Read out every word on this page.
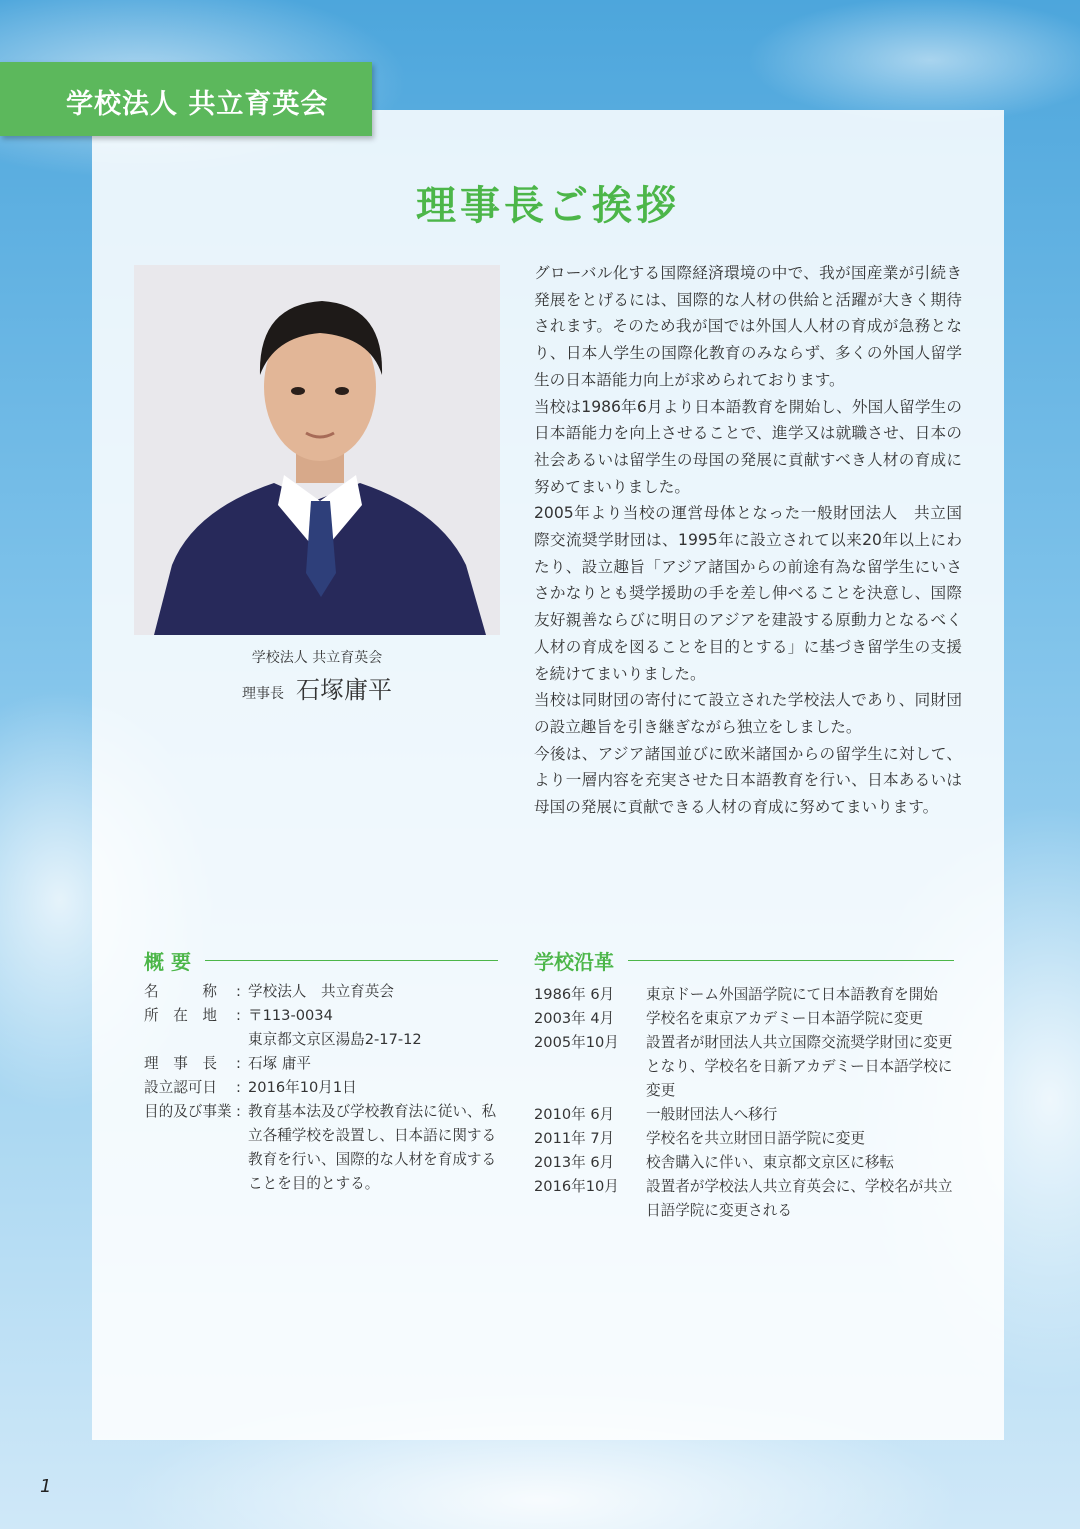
学校法人 共立育英会
理事長ご挨拶
学校法人 共立育英会
理事長 石塚庸平

グローバル化する国際経済環境の中で、我が国産業が引続き発展をとげるには、国際的な人材の供給と活躍が大きく期待されます。そのため我が国では外国人人材の育成が急務となり、日本人学生の国際化教育のみならず、多くの外国人留学生の日本語能力向上が求められております。

当校は1986年6月より日本語教育を開始し、外国人留学生の日本語能力を向上させることで、進学又は就職させ、日本の社会あるいは留学生の母国の発展に貢献すべき人材の育成に努めてまいりました。

2005年より当校の運営母体となった一般財団法人　共立国際交流奨学財団は、1995年に設立されて以来20年以上にわたり、設立趣旨「アジア諸国からの前途有為な留学生にいささかなりとも奨学援助の手を差し伸べることを決意し、国際友好親善ならびに明日のアジアを建設する原動力となるべく人材の育成を図ることを目的とする」に基づき留学生の支援を続けてまいりました。

当校は同財団の寄付にて設立された学校法人であり、同財団の設立趣旨を引き継ぎながら独立をしました。

今後は、アジア諸国並びに欧米諸国からの留学生に対して、より一層内容を充実させた日本語教育を行い、日本あるいは母国の発展に貢献できる人材の育成に努めてまいります。

概 要
名　　　称	: 学校法人　共立育英会
所　在　地	: 〒113-0034
東京都文京区湯島2-17-12
理　事　長	: 石塚 庸平
設立認可日	: 2016年10月1日
目的及び事業 : 教育基本法及び学校教育法に従い、私立各種学校を設置し、日本語に関する教育を行い、国際的な人材を育成することを目的とする。
学校沿革
1986年 6月	東京ドーム外国語学院にて日本語教育を開始
2003年 4月	学校名を東京アカデミー日本語学院に変更
2005年10月	設置者が財団法人共立国際交流奨学財団に変更となり、学校名を日新アカデミー日本語学校に変更
2010年 6月	一般財団法人へ移行
2011年 7月	学校名を共立財団日語学院に変更
2013年 6月	校舎購入に伴い、東京都文京区に移転
2016年10月	設置者が学校法人共立育英会に、学校名が共立日語学院に変更される
1
